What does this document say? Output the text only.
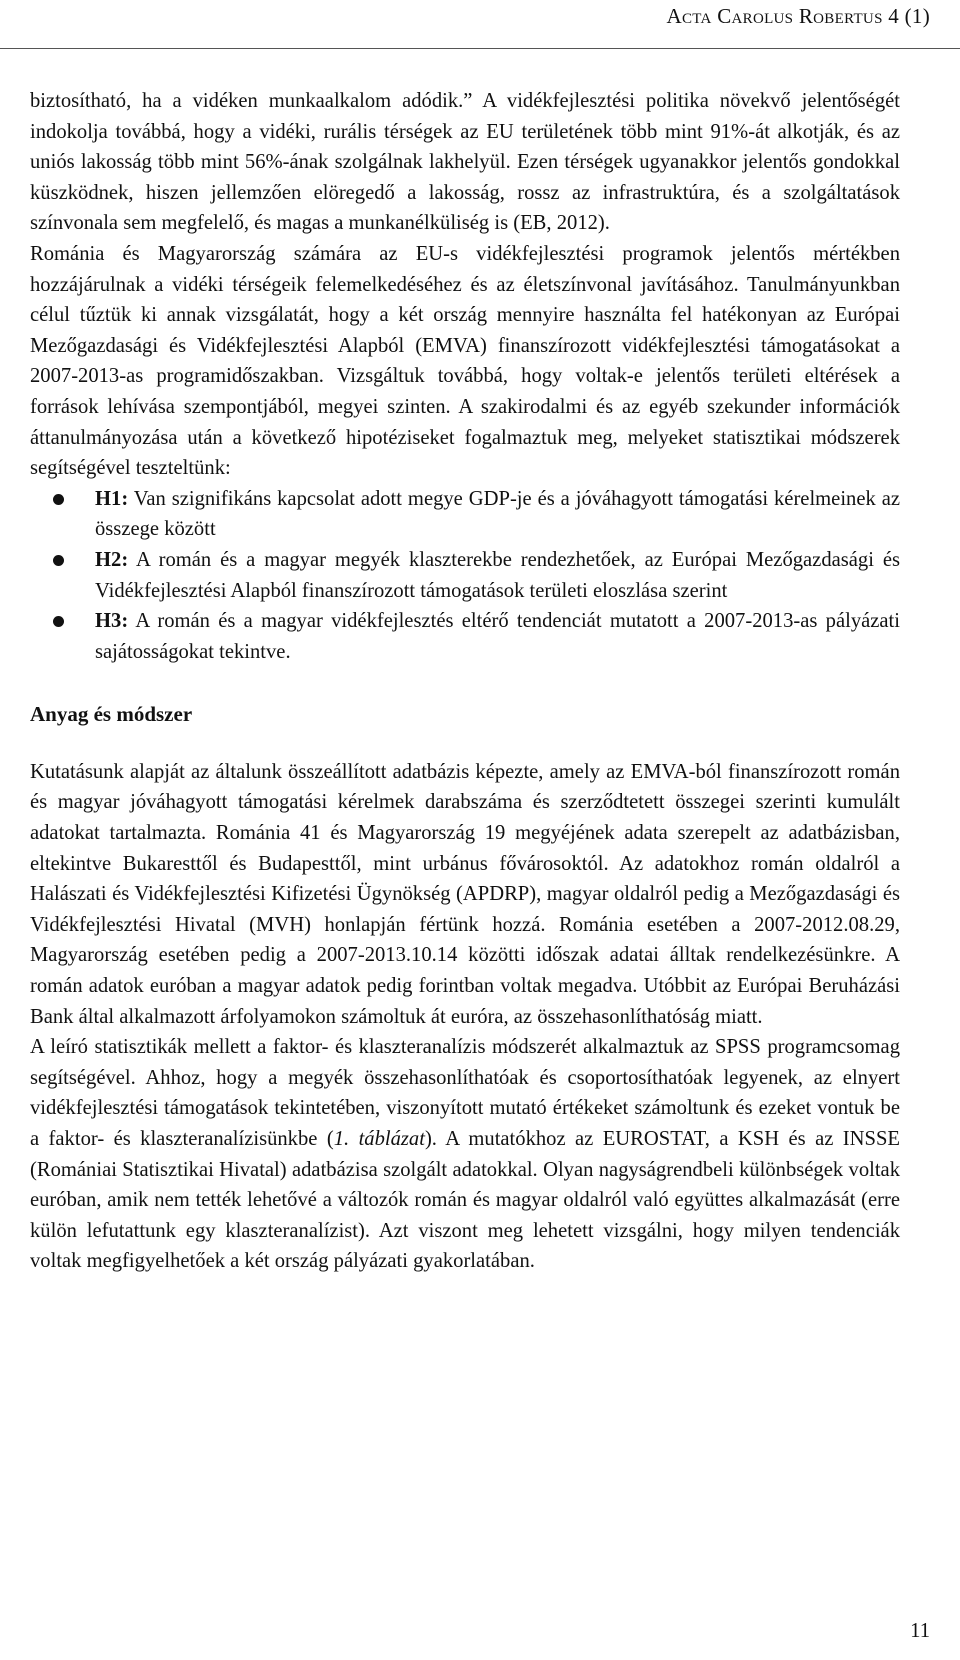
Acta Carolus Robertus 4 (1)

biztosítható, ha a vidéken munkaalkalom adódik.” A vidékfejlesztési politika növekvő jelentőségét indokolja továbbá, hogy a vidéki, rurális térségek az EU területének több mint 91%-át alkotják, és az uniós lakosság több mint 56%-ának szolgálnak lakhelyül. Ezen térségek ugyanakkor jelentős gondokkal küszködnek, hiszen jellemzően elöregedő a lakosság, rossz az infrastruktúra, és a szolgáltatások színvonala sem megfelelő, és magas a munkanélküliség is (EB, 2012).

Románia és Magyarország számára az EU-s vidékfejlesztési programok jelentős mértékben hozzájárulnak a vidéki térségeik felemelkedéséhez és az életszínvonal javításához. Tanulmányunkban célul tűztük ki annak vizsgálatát, hogy a két ország mennyire használta fel hatékonyan az Európai Mezőgazdasági és Vidékfejlesztési Alapból (EMVA) finanszírozott vidékfejlesztési támogatásokat a 2007-2013-as programidőszakban. Vizsgáltuk továbbá, hogy voltak-e jelentős területi eltérések a források lehívása szempontjából, megyei szinten. A szakirodalmi és az egyéb szekunder információk áttanulmányozása után a következő hipotéziseket fogalmaztuk meg, melyeket statisztikai módszerek segítségével teszteltünk:

H1: Van szignifikáns kapcsolat adott megye GDP-je és a jóváhagyott támogatási kérelmeinek az összege között
H2: A román és a magyar megyék klaszterekbe rendezhetőek, az Európai Mezőgazdasági és Vidékfejlesztési Alapból finanszírozott támogatások területi eloszlása szerint
H3: A román és a magyar vidékfejlesztés eltérő tendenciát mutatott a 2007-2013-as pályázati sajátosságokat tekintve.
Anyag és módszer

Kutatásunk alapját az általunk összeállított adatbázis képezte, amely az EMVA-ból finanszírozott román és magyar jóváhagyott támogatási kérelmek darabszáma és szerződtetett összegei szerinti kumulált adatokat tartalmazta. Románia 41 és Magyarország 19 megyéjének adata szerepelt az adatbázisban, eltekintve Bukaresttől és Budapesttől, mint urbánus fővárosoktól. Az adatokhoz román oldalról a Halászati és Vidékfejlesztési Kifizetési Ügynökség (APDRP), magyar oldalról pedig a Mezőgazdasági és Vidékfejlesztési Hivatal (MVH) honlapján fértünk hozzá. Románia esetében a 2007-2012.08.29, Magyarország esetében pedig a 2007-2013.10.14 közötti időszak adatai álltak rendelkezésünkre. A román adatok euróban a magyar adatok pedig forintban voltak megadva. Utóbbit az Európai Beruházási Bank által alkalmazott árfolyamokon számoltuk át euróra, az összehasonlíthatóság miatt.

A leíró statisztikák mellett a faktor- és klaszteranalízis módszerét alkalmaztuk az SPSS programcsomag segítségével. Ahhoz, hogy a megyék összehasonlíthatóak és csoportosíthatóak legyenek, az elnyert vidékfejlesztési támogatások tekintetében, viszonyított mutató értékeket számoltunk és ezeket vontuk be a faktor- és klaszteranalízisünkbe (1. táblázat). A mutatókhoz az EUROSTAT, a KSH és az INSSE (Romániai Statisztikai Hivatal) adatbázisa szolgált adatokkal. Olyan nagyságrendbeli különbségek voltak euróban, amik nem tették lehetővé a változók román és magyar oldalról való együttes alkalmazását (erre külön lefutattunk egy klaszteranalízist). Azt viszont meg lehetett vizsgálni, hogy milyen tendenciák voltak megfigyelhetőek a két ország pályázati gyakorlatában.

11
